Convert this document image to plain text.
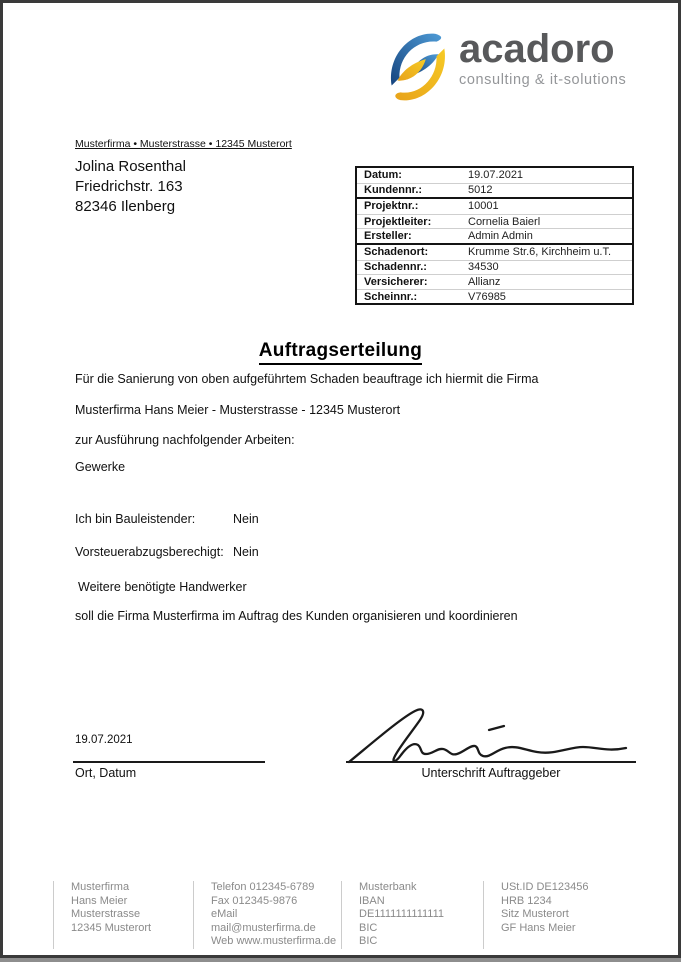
acadoro
consulting & it-solutions
Musterfirma • Musterstrasse • 12345 Musterort
Jolina Rosenthal
Friedrichstr. 163
82346 Ilenberg
Datum:	19.07.2021
Kundennr.:	5012
Projektnr.:	10001
Projektleiter:	Cornelia Baierl
Ersteller:	Admin Admin
Schadenort:	Krumme Str.6, Kirchheim u.T.
Schadennr.:	34530
Versicherer:	Allianz
Scheinnr.:	V76985
Auftragserteilung
Für die Sanierung von oben aufgeführtem Schaden beauftrage ich hiermit die Firma
Musterfirma Hans Meier - Musterstrasse - 12345 Musterort
zur Ausführung nachfolgender Arbeiten:
Gewerke
Ich bin Bauleistender:	Nein
Vorsteuerabzugsberechigt: Nein
Weitere benötigte Handwerker
soll die Firma Musterfirma im Auftrag des Kunden organisieren und koordinieren
19.07.2021
Ort, Datum	Unterschrift Auftraggeber
Musterfirma
Hans Meier
Musterstrasse
12345 Musterort
Telefon 012345-6789
Fax 012345-9876
eMail mail@musterfirma.de
Web www.musterfirma.de
Musterbank
IBAN
DE1111111111111
BIC
BIC
USt.ID DE123456
HRB 1234
Sitz Musterort
GF Hans Meier
